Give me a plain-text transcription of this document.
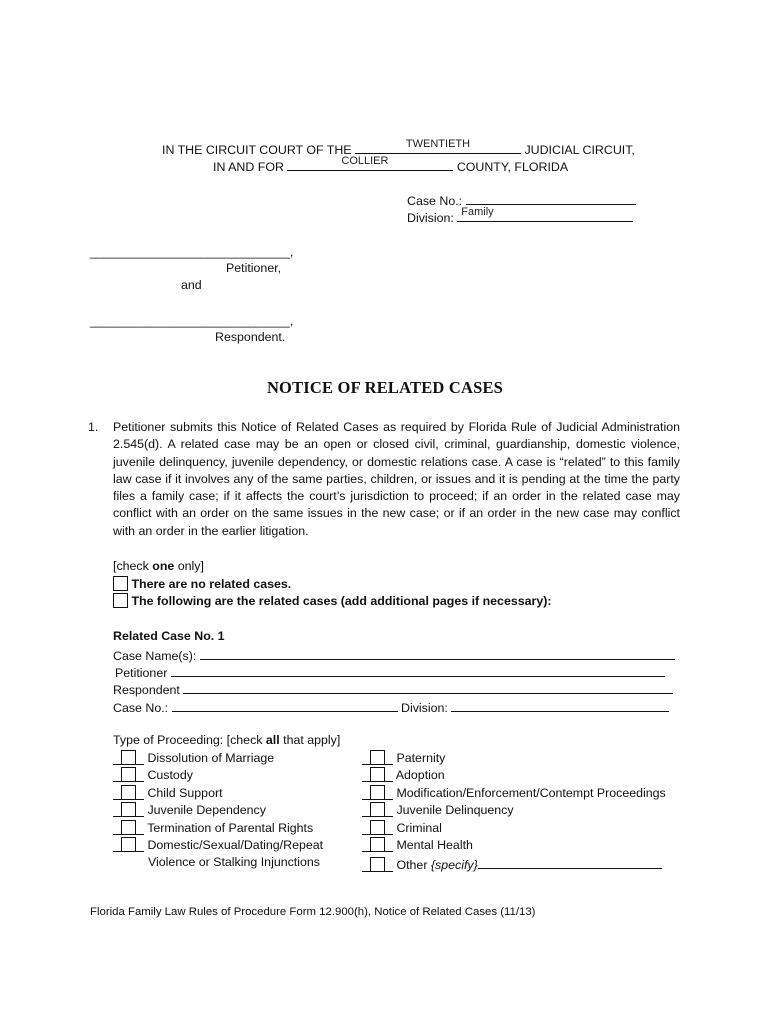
IN THE CIRCUIT COURT OF THE	TWENTIETH	JUDICIAL CIRCUIT,
IN AND FOR	COLLIER	COUNTY, FLORIDA
Case No.:
Division: Family
_____________________________,
Petitioner,
and
_____________________________,
Respondent.
NOTICE OF RELATED CASES
1. Petitioner submits this Notice of Related Cases as required by Florida Rule of Judicial Administration 2.545(d). A related case may be an open or closed civil, criminal, guardianship, domestic violence, juvenile delinquency, juvenile dependency, or domestic relations case. A case is “related” to this family law case if it involves any of the same parties, children, or issues and it is pending at the time the party files a family case; if it affects the court’s jurisdiction to proceed; if an order in the related case may conflict with an order on the same issues in the new case; or if an order in the new case may conflict with an order in the earlier litigation.
[check one only]
There are no related cases.
The following are the related cases (add additional pages if necessary):
Related Case No. 1
Case Name(s):
Petitioner
Respondent
Case No.:	Division:
Type of Proceeding: [check all that apply]
Dissolution of Marriage
Custody
Child Support
Juvenile Dependency
Termination of Parental Rights
Domestic/Sexual/Dating/Repeat
Violence or Stalking Injunctions
Paternity
Adoption
Modification/Enforcement/Contempt Proceedings
Juvenile Delinquency
Criminal
Mental Health
Other {specify}
Florida Family Law Rules of Procedure Form 12.900(h), Notice of Related Cases (11/13)
